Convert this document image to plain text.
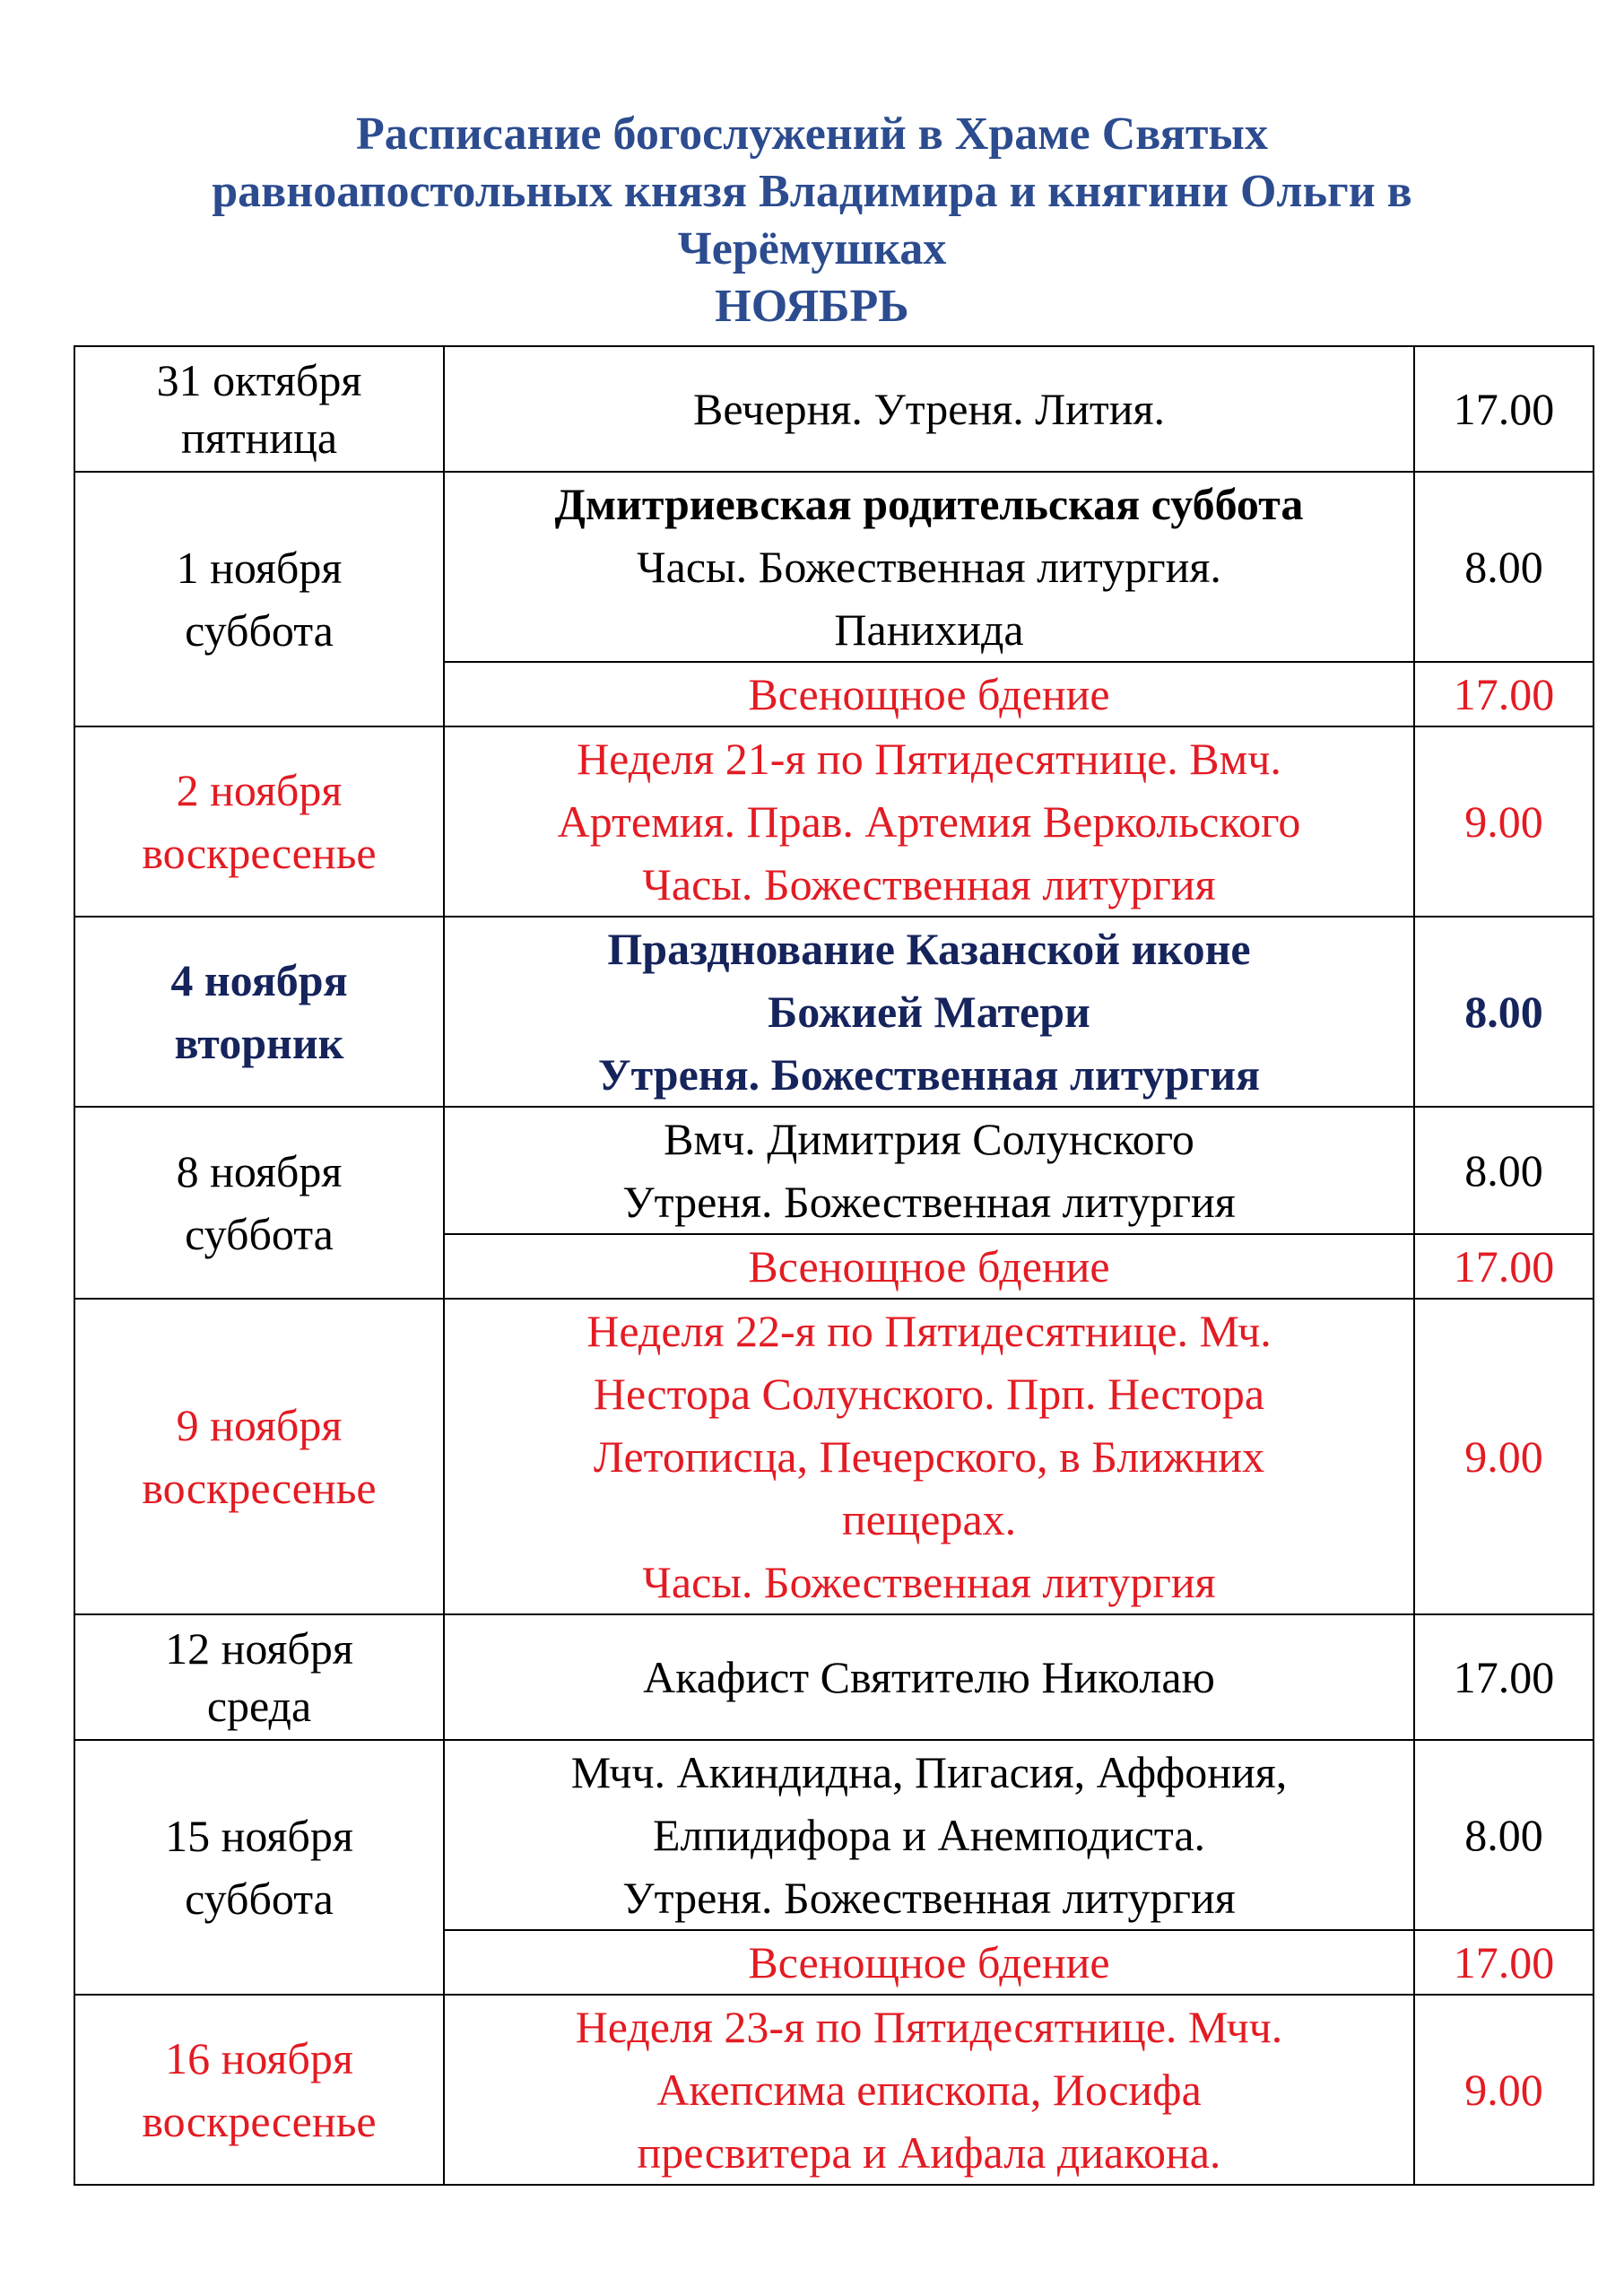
Расписание богослужений в Храме Святых
равноапостольных князя Владимира и княгини Ольги в
Черёмушках
НОЯБРЬ
31 октября
пятница	Вечерня. Утреня. Лития.	17.00

1 ноября
суббота	Дмитриевская родительская суббота
Часы. Божественная литургия.
Панихида	8.00
	Всенощное бдение	17.00

2 ноября
воскресенье	Неделя 21-я по Пятидесятнице. Вмч.
Артемия. Прав. Артемия Веркольского
Часы. Божественная литургия	9.00

4 ноября
вторник	Празднование Казанской иконе
Божией Матери
Утреня. Божественная литургия	8.00

8 ноября
суббота	Вмч. Димитрия Солунского
Утреня. Божественная литургия	8.00
	Всенощное бдение	17.00

9 ноября
воскресенье	Неделя 22-я по Пятидесятнице. Мч.
Нестора Солунского. Прп. Нестора
Летописца, Печерского, в Ближних
пещерах.
Часы. Божественная литургия	9.00

12 ноября
среда	Акафист Святителю Николаю	17.00

15 ноября
суббота	Мчч. Акиндидна, Пигасия, Аффония,
Елпидифора и Анемподиста.
Утреня. Божественная литургия	8.00
	Всенощное бдение	17.00

16 ноября
воскресенье	Неделя 23-я по Пятидесятнице. Мчч.
Акепсима епископа, Иосифа
пресвитера и Аифала диакона.	9.00
